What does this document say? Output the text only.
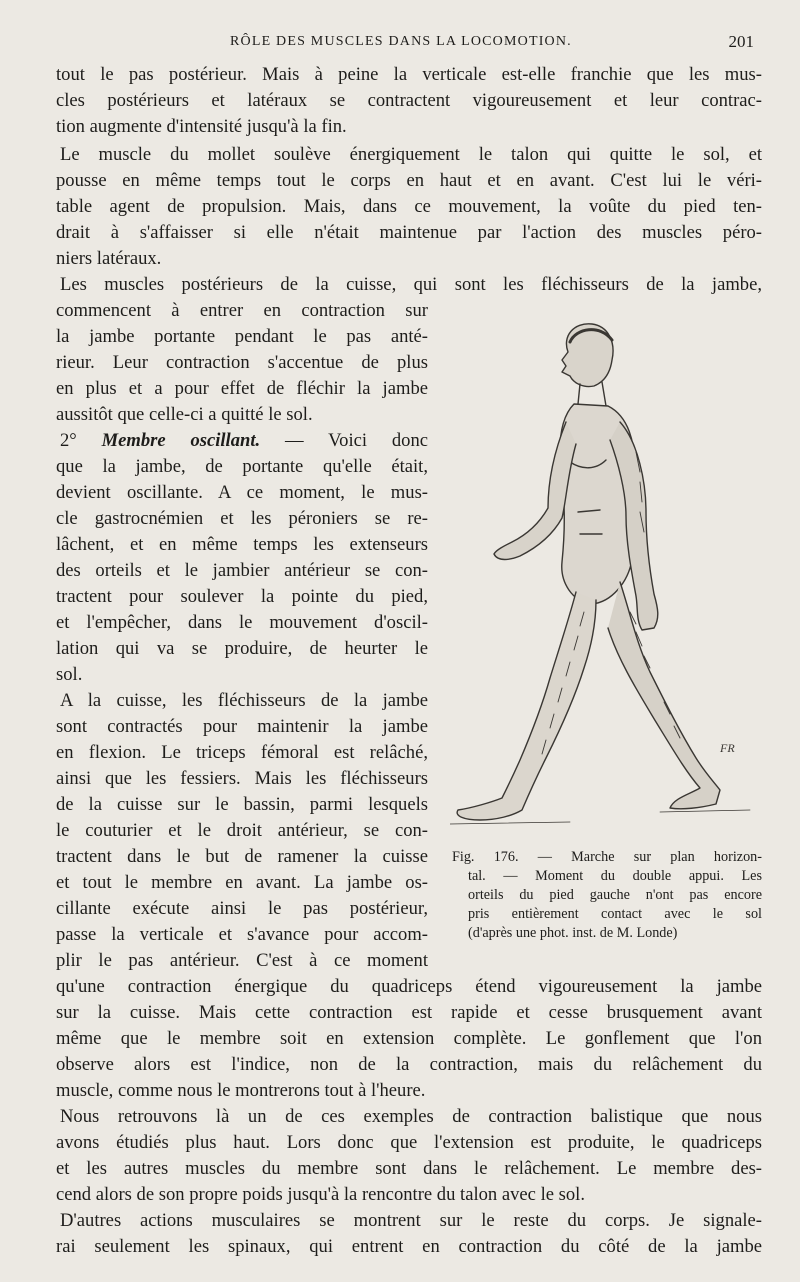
RÔLE DES MUSCLES DANS LA LOCOMOTION.	201
tout le pas postérieur. Mais à peine la verticale est-elle franchie que les mus-
cles postérieurs et latéraux se contractent vigoureusement et leur contrac-
tion augmente d'intensité jusqu'à la fin.
Le muscle du mollet soulève énergiquement le talon qui quitte le sol, et
pousse en même temps tout le corps en haut et en avant. C'est lui le véri-
table agent de propulsion. Mais, dans ce mouvement, la voûte du pied ten-
drait à s'affaisser si elle n'était maintenue par l'action des muscles péro-
niers latéraux.
Les muscles postérieurs de la cuisse, qui sont les fléchisseurs de la jambe,
commencent à entrer en contraction sur
la jambe portante pendant le pas anté-
rieur. Leur contraction s'accentue de plus
en plus et a pour effet de fléchir la jambe
aussitôt que celle-ci a quitté le sol.
2° Membre oscillant. — Voici donc
que la jambe, de portante qu'elle était,
devient oscillante. A ce moment, le mus-
cle gastrocnémien et les péroniers se re-
lâchent, et en même temps les extenseurs
des orteils et le jambier antérieur se con-
tractent pour soulever la pointe du pied,
et l'empêcher, dans le mouvement d'oscil-
lation qui va se produire, de heurter le
sol.
A la cuisse, les fléchisseurs de la jambe
sont contractés pour maintenir la jambe
en flexion. Le triceps fémoral est relâché,
ainsi que les fessiers. Mais les fléchisseurs
de la cuisse sur le bassin, parmi lesquels
le couturier et le droit antérieur, se con-
tractent dans le but de ramener la cuisse
et tout le membre en avant. La jambe os-
cillante exécute ainsi le pas postérieur,
passe la verticale et s'avance pour accom-
plir le pas antérieur. C'est à ce moment
qu'une contraction énergique du quadriceps étend vigoureusement la jambe
sur la cuisse. Mais cette contraction est rapide et cesse brusquement avant
même que le membre soit en extension complète. Le gonflement que l'on
observe alors est l'indice, non de la contraction, mais du relâchement du
muscle, comme nous le montrerons tout à l'heure.
Nous retrouvons là un de ces exemples de contraction balistique que nous
avons étudiés plus haut. Lors donc que l'extension est produite, le quadriceps
et les autres muscles du membre sont dans le relâchement. Le membre des-
cend alors de son propre poids jusqu'à la rencontre du talon avec le sol.
D'autres actions musculaires se montrent sur le reste du corps. Je signale-
rai seulement les spinaux, qui entrent en contraction du côté de la jambe
FR
Fig. 176. — Marche sur plan horizon-
tal. — Moment du double appui. Les
orteils du pied gauche n'ont pas encore
pris entièrement contact avec le sol
(d'après une phot. inst. de M. Londe)
